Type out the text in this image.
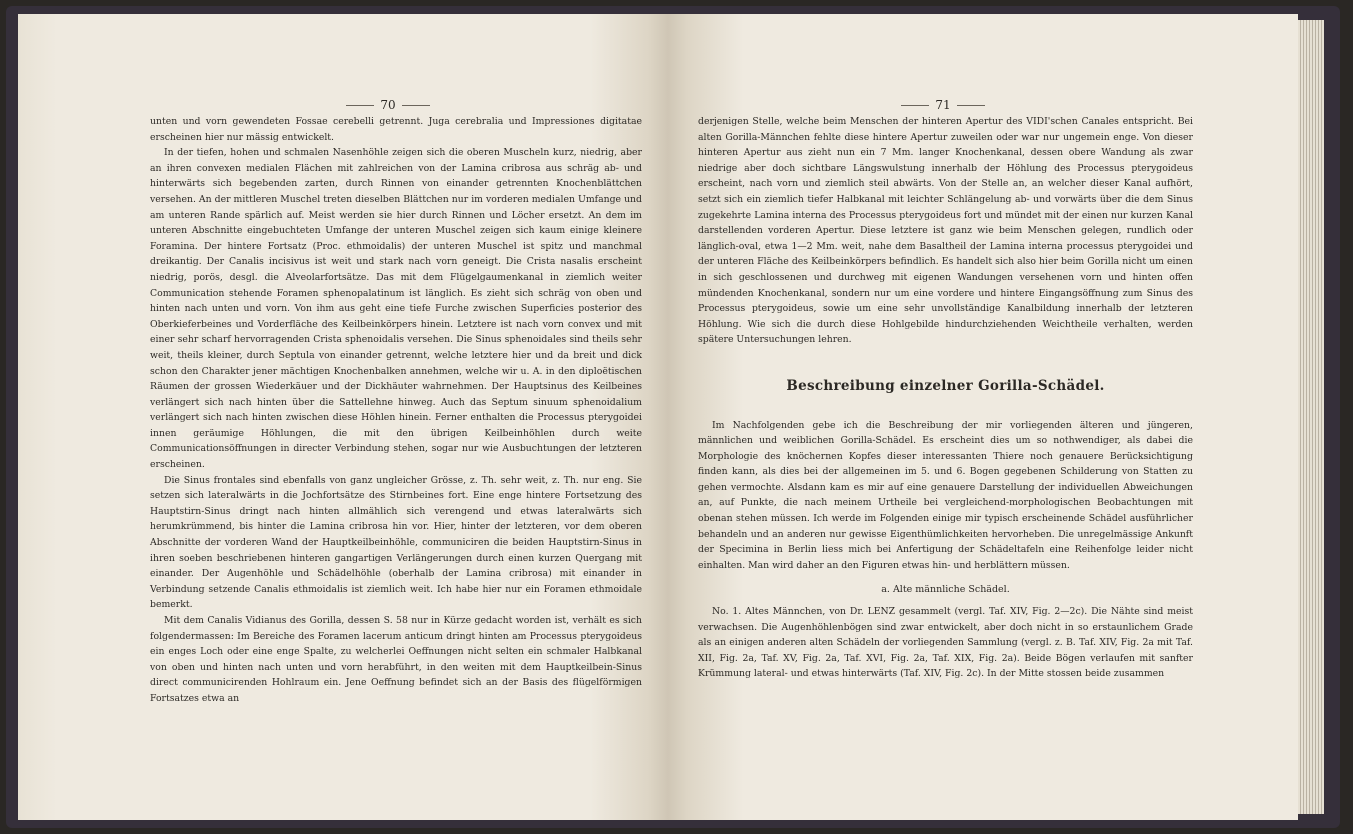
70

unten und vorn gewendeten Fossae cerebelli getrennt. Juga cerebralia und Impressiones digitatae erscheinen hier nur mässig entwickelt.

In der tiefen, hohen und schmalen Nasenhöhle zeigen sich die oberen Muscheln kurz, niedrig, aber an ihren convexen medialen Flächen mit zahlreichen von der Lamina cribrosa aus schräg ab- und hinterwärts sich begebenden zarten, durch Rinnen von einander getrennten Knochenblättchen versehen. An der mittleren Muschel treten dieselben Blättchen nur im vorderen medialen Umfange und am unteren Rande spärlich auf. Meist werden sie hier durch Rinnen und Löcher ersetzt. An dem im unteren Abschnitte eingebuchteten Umfange der unteren Muschel zeigen sich kaum einige kleinere Foramina. Der hintere Fortsatz (Proc. ethmoidalis) der unteren Muschel ist spitz und manchmal dreikantig. Der Canalis incisivus ist weit und stark nach vorn geneigt. Die Crista nasalis erscheint niedrig, porös, desgl. die Alveolarfortsätze. Das mit dem Flügelgaumenkanal in ziemlich weiter Communication stehende Foramen sphenopalatinum ist länglich. Es zieht sich schräg von oben und hinten nach unten und vorn. Von ihm aus geht eine tiefe Furche zwischen Superficies posterior des Oberkieferbeines und Vorderfläche des Keilbeinkörpers hinein. Letztere ist nach vorn convex und mit einer sehr scharf hervorragenden Crista sphenoidalis versehen. Die Sinus sphenoidales sind theils sehr weit, theils kleiner, durch Septula von einander getrennt, welche letztere hier und da breit und dick schon den Charakter jener mächtigen Knochenbalken annehmen, welche wir u. A. in den diploëtischen Räumen der grossen Wiederkäuer und der Dickhäuter wahrnehmen. Der Hauptsinus des Keilbeines verlängert sich nach hinten über die Sattellehne hinweg. Auch das Septum sinuum sphenoidalium verlängert sich nach hinten zwischen diese Höhlen hinein. Ferner enthalten die Processus pterygoidei innen geräumige Höhlungen, die mit den übrigen Keilbeinhöhlen durch weite Communicationsöffnungen in directer Verbindung stehen, sogar nur wie Ausbuchtungen der letzteren erscheinen.

Die Sinus frontales sind ebenfalls von ganz ungleicher Grösse, z. Th. sehr weit, z. Th. nur eng. Sie setzen sich lateralwärts in die Jochfortsätze des Stirnbeines fort. Eine enge hintere Fortsetzung des Hauptstirn-Sinus dringt nach hinten allmählich sich verengend und etwas lateralwärts sich herumkrümmend, bis hinter die Lamina cribrosa hin vor. Hier, hinter der letzteren, vor dem oberen Abschnitte der vorderen Wand der Hauptkeilbeinhöhle, communiciren die beiden Hauptstirn-Sinus in ihren soeben beschriebenen hinteren gangartigen Verlängerungen durch einen kurzen Quergang mit einander. Der Augenhöhle und Schädelhöhle (oberhalb der Lamina cribrosa) mit einander in Verbindung setzende Canalis ethmoidalis ist ziemlich weit. Ich habe hier nur ein Foramen ethmoidale bemerkt.

Mit dem Canalis Vidianus des Gorilla, dessen S. 58 nur in Kürze gedacht worden ist, verhält es sich folgendermassen: Im Bereiche des Foramen lacerum anticum dringt hinten am Processus pterygoideus ein enges Loch oder eine enge Spalte, zu welcherlei Oeffnungen nicht selten ein schmaler Halbkanal von oben und hinten nach unten und vorn herabführt, in den weiten mit dem Hauptkeilbein-Sinus direct communicirenden Hohlraum ein. Jene Oeffnung befindet sich an der Basis des flügelförmigen Fortsatzes etwa an

71

derjenigen Stelle, welche beim Menschen der hinteren Apertur des VIDI'schen Canales entspricht. Bei alten Gorilla-Männchen fehlte diese hintere Apertur zuweilen oder war nur ungemein enge. Von dieser hinteren Apertur aus zieht nun ein 7 Mm. langer Knochenkanal, dessen obere Wandung als zwar niedrige aber doch sichtbare Längswulstung innerhalb der Höhlung des Processus pterygoideus erscheint, nach vorn und ziemlich steil abwärts. Von der Stelle an, an welcher dieser Kanal aufhört, setzt sich ein ziemlich tiefer Halbkanal mit leichter Schlängelung ab- und vorwärts über die dem Sinus zugekehrte Lamina interna des Processus pterygoideus fort und mündet mit der einen nur kurzen Kanal darstellenden vorderen Apertur. Diese letztere ist ganz wie beim Menschen gelegen, rundlich oder länglich-oval, etwa 1—2 Mm. weit, nahe dem Basaltheil der Lamina interna processus pterygoidei und der unteren Fläche des Keilbeinkörpers befindlich. Es handelt sich also hier beim Gorilla nicht um einen in sich geschlossenen und durchweg mit eigenen Wandungen versehenen vorn und hinten offen mündenden Knochenkanal, sondern nur um eine vordere und hintere Eingangsöffnung zum Sinus des Processus pterygoideus, sowie um eine sehr unvollständige Kanalbildung innerhalb der letzteren Höhlung. Wie sich die durch diese Hohlgebilde hindurchziehenden Weichtheile verhalten, werden spätere Untersuchungen lehren.

Beschreibung einzelner Gorilla-Schädel.

Im Nachfolgenden gebe ich die Beschreibung der mir vorliegenden älteren und jüngeren, männlichen und weiblichen Gorilla-Schädel. Es erscheint dies um so nothwendiger, als dabei die Morphologie des knöchernen Kopfes dieser interessanten Thiere noch genauere Berücksichtigung finden kann, als dies bei der allgemeinen im 5. und 6. Bogen gegebenen Schilderung von Statten zu gehen vermochte. Alsdann kam es mir auf eine genauere Darstellung der individuellen Abweichungen an, auf Punkte, die nach meinem Urtheile bei vergleichend-morphologischen Beobachtungen mit obenan stehen müssen. Ich werde im Folgenden einige mir typisch erscheinende Schädel ausführlicher behandeln und an anderen nur gewisse Eigenthümlichkeiten hervorheben. Die unregelmässige Ankunft der Specimina in Berlin liess mich bei Anfertigung der Schädeltafeln eine Reihenfolge leider nicht einhalten. Man wird daher an den Figuren etwas hin- und herblättern müssen.

a. Alte männliche Schädel.

No. 1. Altes Männchen, von Dr. LENZ gesammelt (vergl. Taf. XIV, Fig. 2—2c). Die Nähte sind meist verwachsen. Die Augenhöhlenbögen sind zwar entwickelt, aber doch nicht in so erstaunlichem Grade als an einigen anderen alten Schädeln der vorliegenden Sammlung (vergl. z. B. Taf. XIV, Fig. 2a mit Taf. XII, Fig. 2a, Taf. XV, Fig. 2a, Taf. XVI, Fig. 2a, Taf. XIX, Fig. 2a). Beide Bögen verlaufen mit sanfter Krümmung lateral- und etwas hinterwärts (Taf. XIV, Fig. 2c). In der Mitte stossen beide zusammen
